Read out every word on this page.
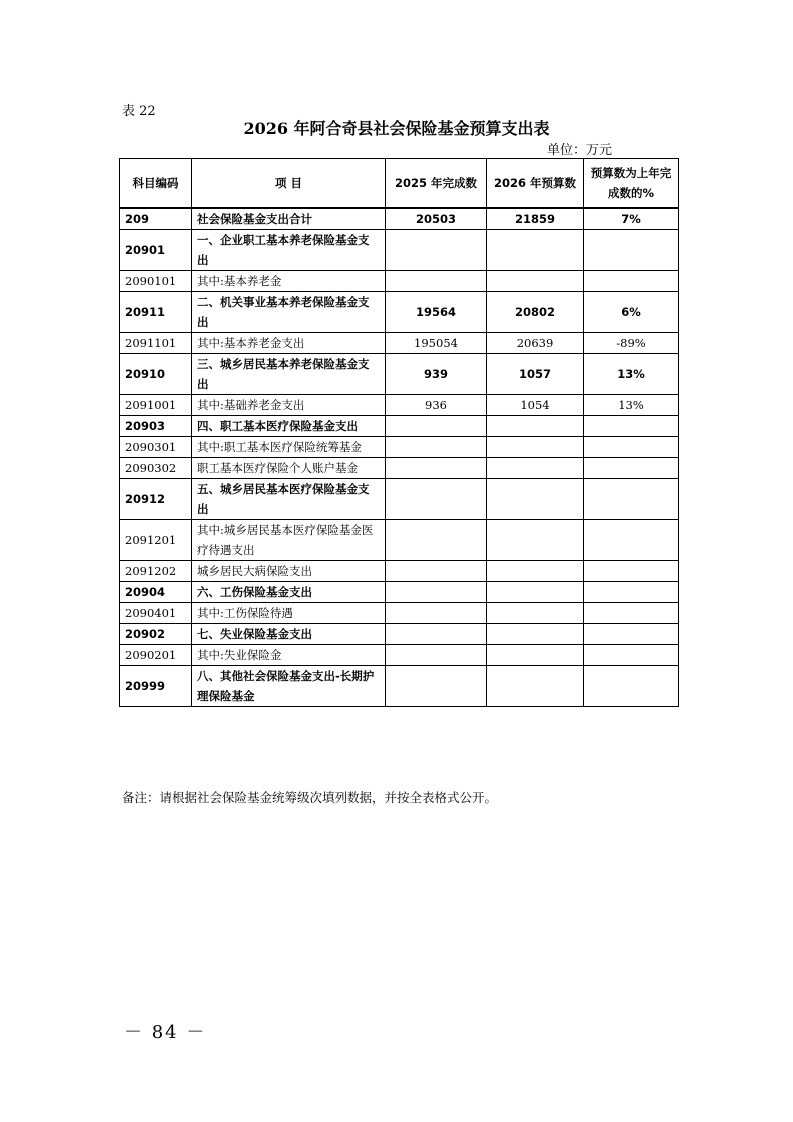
表 22
2026 年阿合奇县社会保险基金预算支出表
单位：万元
科目编码	项 目	2025 年完成数	2026 年预算数	预算数为上年完成数的%
209	社会保险基金支出合计	20503	21859	7%
20901	一、企业职工基本养老保险基金支出			
2090101	其中:基本养老金			
20911	二、机关事业基本养老保险基金支出	19564	20802	6%
2091101	其中:基本养老金支出	195054	20639	-89%
20910	三、城乡居民基本养老保险基金支出	939	1057	13%
2091001	其中:基础养老金支出	936	1054	13%
20903	四、职工基本医疗保险基金支出			
2090301	其中:职工基本医疗保险统筹基金			
2090302	职工基本医疗保险个人账户基金			
20912	五、城乡居民基本医疗保险基金支出			
2091201	其中:城乡居民基本医疗保险基金医疗待遇支出			
2091202	城乡居民大病保险支出			
20904	六、工伤保险基金支出			
2090401	其中:工伤保险待遇			
20902	七、失业保险基金支出			
2090201	其中:失业保险金			
20999	八、其他社会保险基金支出-长期护理保险基金			
备注：请根据社会保险基金统筹级次填列数据，并按全表格式公开。
－ 84 －
